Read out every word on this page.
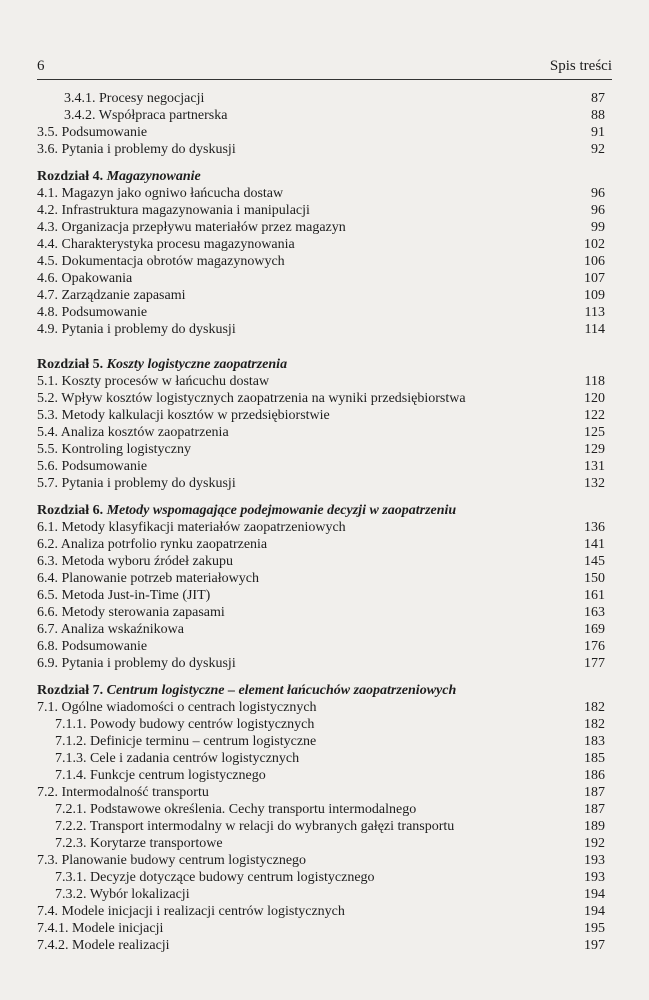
6	Spis treści
3.4.1. Procesy negocjacji	87
3.4.2. Współpraca partnerska	88
3.5. Podsumowanie	91
3.6. Pytania i problemy do dyskusji	92
Rozdział 4. Magazynowanie
4.1. Magazyn jako ogniwo łańcucha dostaw	96
4.2. Infrastruktura magazynowania i manipulacji	96
4.3. Organizacja przepływu materiałów przez magazyn	99
4.4. Charakterystyka procesu magazynowania	102
4.5. Dokumentacja obrotów magazynowych	106
4.6. Opakowania	107
4.7. Zarządzanie zapasami	109
4.8. Podsumowanie	113
4.9. Pytania i problemy do dyskusji	114
Rozdział 5. Koszty logistyczne zaopatrzenia
5.1. Koszty procesów w łańcuchu dostaw	118
5.2. Wpływ kosztów logistycznych zaopatrzenia na wyniki przedsiębiorstwa	120
5.3. Metody kalkulacji kosztów w przedsiębiorstwie	122
5.4. Analiza kosztów zaopatrzenia	125
5.5. Kontroling logistyczny	129
5.6. Podsumowanie	131
5.7. Pytania i problemy do dyskusji	132
Rozdział 6. Metody wspomagające podejmowanie decyzji w zaopatrzeniu
6.1. Metody klasyfikacji materiałów zaopatrzeniowych	136
6.2. Analiza potrfolio rynku zaopatrzenia	141
6.3. Metoda wyboru źródeł zakupu	145
6.4. Planowanie potrzeb materiałowych	150
6.5. Metoda Just-in-Time (JIT)	161
6.6. Metody sterowania zapasami	163
6.7. Analiza wskaźnikowa	169
6.8. Podsumowanie	176
6.9. Pytania i problemy do dyskusji	177
Rozdział 7. Centrum logistyczne – element łańcuchów zaopatrzeniowych
7.1. Ogólne wiadomości o centrach logistycznych	182
7.1.1. Powody budowy centrów logistycznych	182
7.1.2. Definicje terminu – centrum logistyczne	183
7.1.3. Cele i zadania centrów logistycznych	185
7.1.4. Funkcje centrum logistycznego	186
7.2. Intermodalność transportu	187
7.2.1. Podstawowe określenia. Cechy transportu intermodalnego	187
7.2.2. Transport intermodalny w relacji do wybranych gałęzi transportu	189
7.2.3. Korytarze transportowe	192
7.3. Planowanie budowy centrum logistycznego	193
7.3.1. Decyzje dotyczące budowy centrum logistycznego	193
7.3.2. Wybór lokalizacji	194
7.4. Modele inicjacji i realizacji centrów logistycznych	194
7.4.1. Modele inicjacji	195
7.4.2. Modele realizacji	197
